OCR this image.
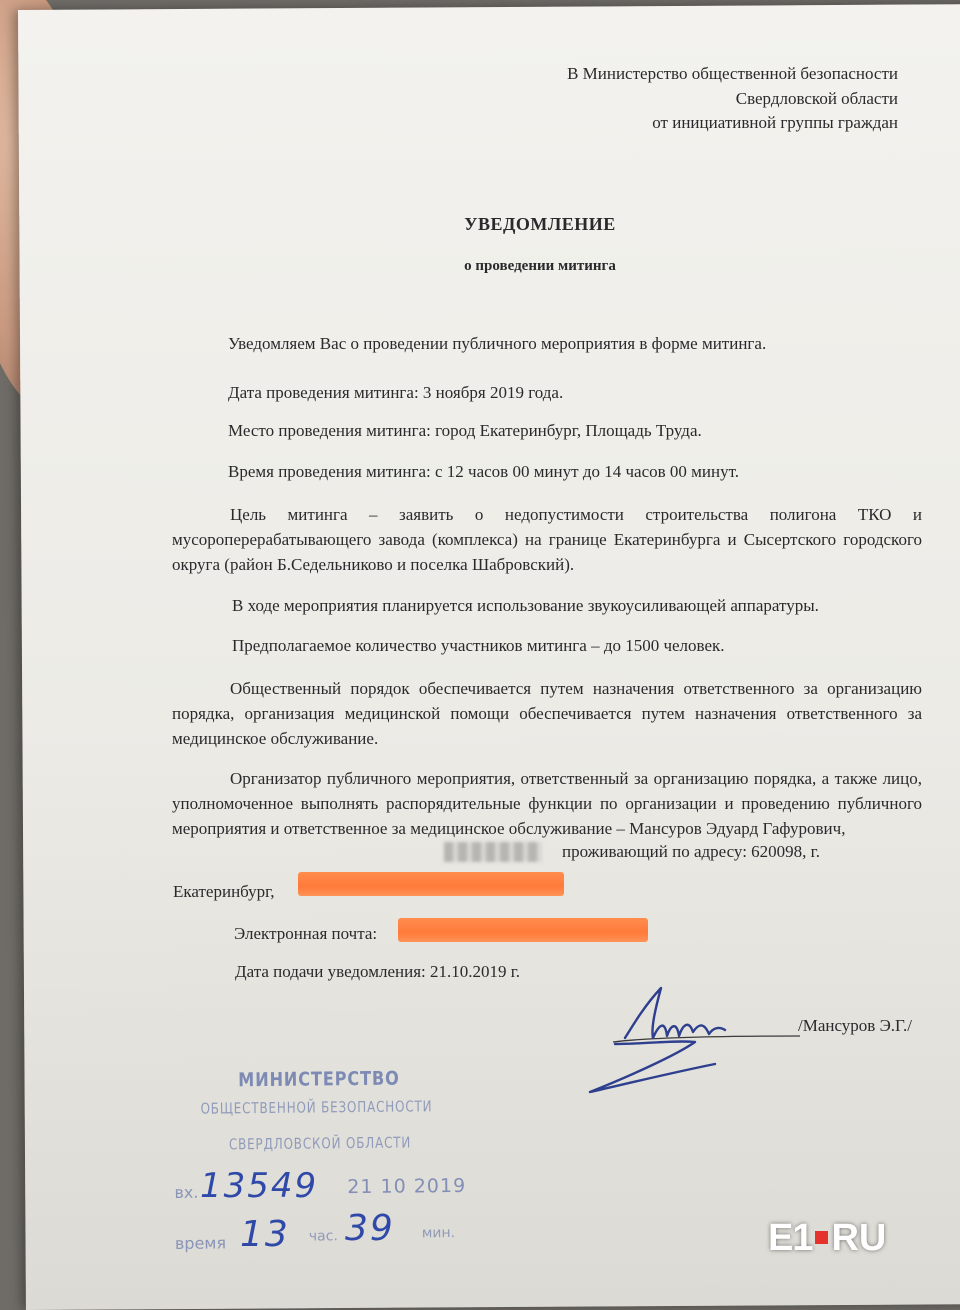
В Министерство общественной безопасности
Свердловской области
от инициативной группы граждан
УВЕДОМЛЕНИЕ
о проведении митинга
Уведомляем Вас о проведении публичного мероприятия в форме митинга.
Дата проведения митинга: 3 ноября 2019 года.
Место проведения митинга: город Екатеринбург, Площадь Труда.
Время проведения митинга: с 12 часов 00 минут до 14 часов 00 минут.
Цель митинга – заявить о недопустимости строительства полигона ТКО и мусороперерабатывающего завода (комплекса) на границе Екатеринбурга и Сысертского городского округа (район Б.Седельниково и поселка Шабровский).
В ходе мероприятия планируется использование звукоусиливающей аппаратуры.
Предполагаемое количество участников митинга – до 1500 человек.
Общественный порядок обеспечивается путем назначения ответственного за организацию порядка, организация медицинской помощи обеспечивается путем назначения ответственного за медицинское обслуживание.
Организатор публичного мероприятия, ответственный за организацию порядка, а также лицо, уполномоченное выполнять распорядительные функции по организации и проведению публичного мероприятия и ответственное за медицинское обслуживание – Мансуров Эдуард Гафурович,
проживающий по адресу: 620098, г.
Екатеринбург,
Электронная почта:
Дата подачи уведомления: 21.10.2019 г.
/Мансуров Э.Г./
МИНИСТЕРСТВО
ОБЩЕСТВЕННОЙ БЕЗОПАСНОСТИ
СВЕРДЛОВСКОЙ ОБЛАСТИ
вх.	21 10 2019
время	час.	мин.
13549
13 39	E1 RU
